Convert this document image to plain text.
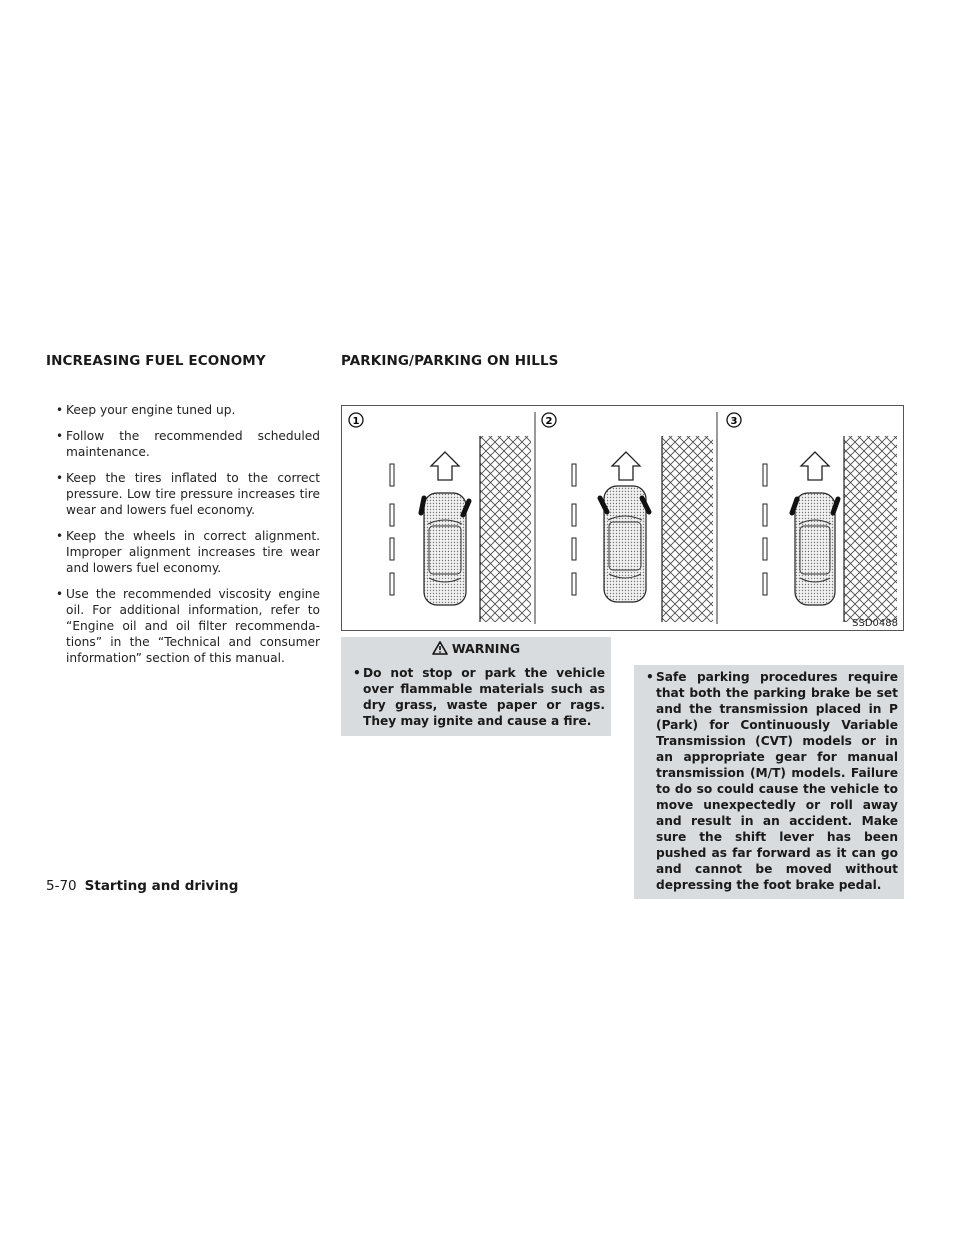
INCREASING FUEL ECONOMY	PARKING/PARKING ON HILLS
• Keep your engine tuned up.
• Follow the recommended scheduled maintenance.
• Keep the tires inflated to the correct pressure. Low tire pressure increases tire wear and lowers fuel economy.
• Keep the wheels in correct alignment. Improper alignment increases tire wear and lowers fuel economy.
• Use the recommended viscosity engine oil. For additional information, refer to “Engine oil and oil filter recommenda-tions” in the “Technical and consumer information” section of this manual.
1	2	3
SSD0488
WARNING

• Do not stop or park the vehicle over flammable materials such as dry grass, waste paper or rags. They may ignite and cause a fire.

• Safe parking procedures require that both the parking brake be set and the transmission placed in P (Park) for Continuously Variable Transmission (CVT) models or in an appropriate gear for manual transmission (M/T) models. Failure to do so could cause the vehicle to move unexpectedly or roll away and result in an accident. Make sure the shift lever has been pushed as far forward as it can go and cannot be moved without depressing the foot brake pedal.

5-70 Starting and driving
